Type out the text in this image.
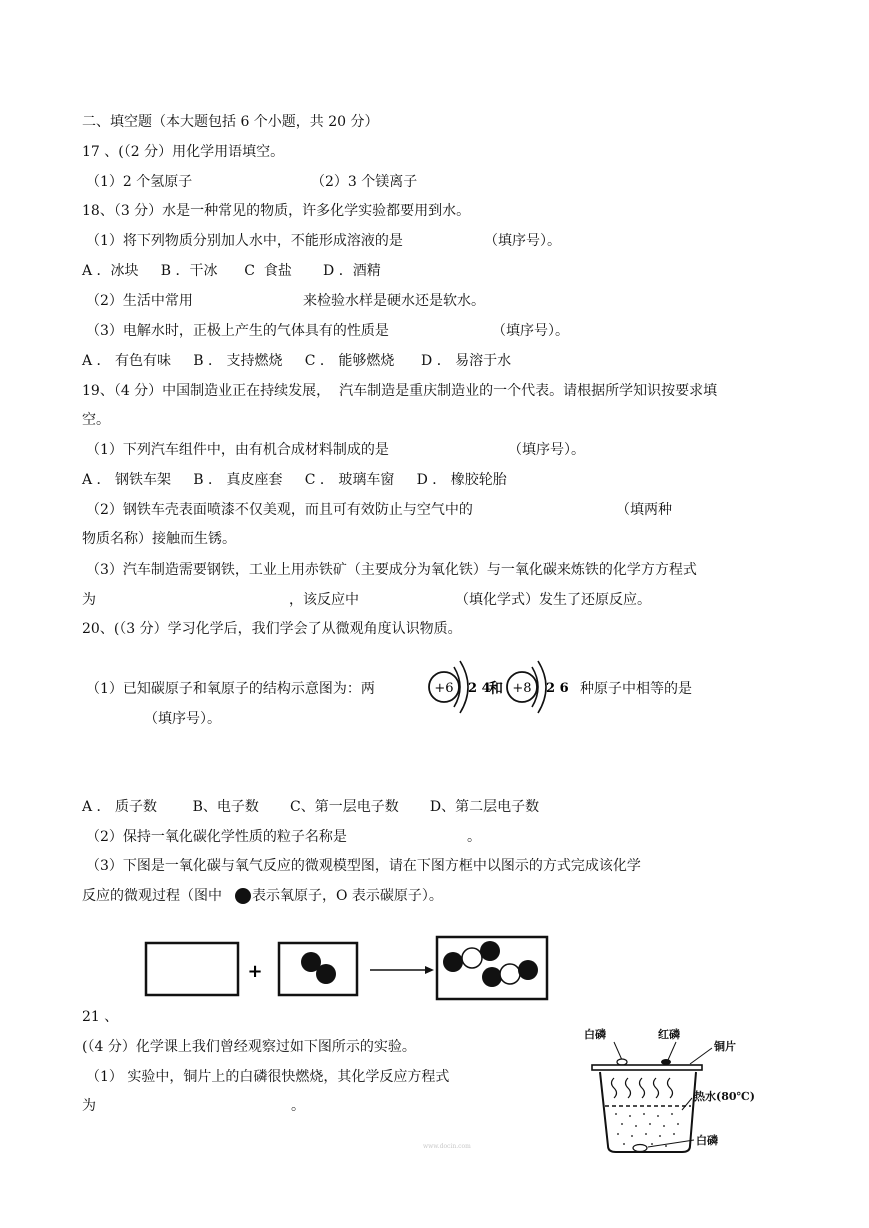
二、填空题（本大题包括 6 个小题，共 20 分）
17 、(（2 分）用化学用语填空。
（1）2 个氢原子	（2）3 个镁离子
18、（3 分）水是一种常见的物质，许多化学实验都要用到水。
（1）将下列物质分别加人水中，不能形成溶液的是	（填序号）。
A ．冰块     B ．干冰      C  食盐       D ．酒精
（2）生活中常用	来检验水样是硬水还是软水。
（3）电解水时，正极上产生的气体具有的性质是	（填序号）。
A ． 有色有味     B ． 支持燃烧     C ． 能够燃烧      D ． 易溶于水
19、（4 分）中国制造业正在持续发展，  汽车制造是重庆制造业的一个代表。请根据所学知识按要求填
空。
（1）下列汽车组件中，由有机合成材料制成的是	（填序号）。
A ． 钢铁车架     B ． 真皮座套     C ． 玻璃车窗     D ． 橡胶轮胎
（2）钢铁车壳表面喷漆不仅美观，而且可有效防止与空气中的	（填两种
物质名称）接触而生锈。
（3）汽车制造需要钢铁，工业上用赤铁矿（主要成分为氧化铁）与一氧化碳来炼铁的化学方方程式
为	，该反应中	（填化学式）发生了还原反应。
20、(（3 分）学习化学后，我们学会了从微观角度认识物质。
（1）已知碳原子和氧原子的结构示意图为：两	+6 2 4
和 +8 2 6 种原子中相等的是
（填序号）。
A ． 质子数        B、电子数       C、第一层电子数       D、第二层电子数
（2）保持一氧化碳化学性质的粒子名称是	。
（3）下图是一氧化碳与氧气反应的微观模型图，请在下图方框中以图示的方式完成该化学
反应的微观过程（图中 表示氧原子，O 表示碳原子）。
+
21 、
(（4 分）化学课上我们曾经观察过如下图所示的实验。
（1） 实验中，铜片上的白磷很快燃烧，其化学反应方程式
为	。
白磷	红磷
铜片
热水(80℃)
白磷
www.docin.com
